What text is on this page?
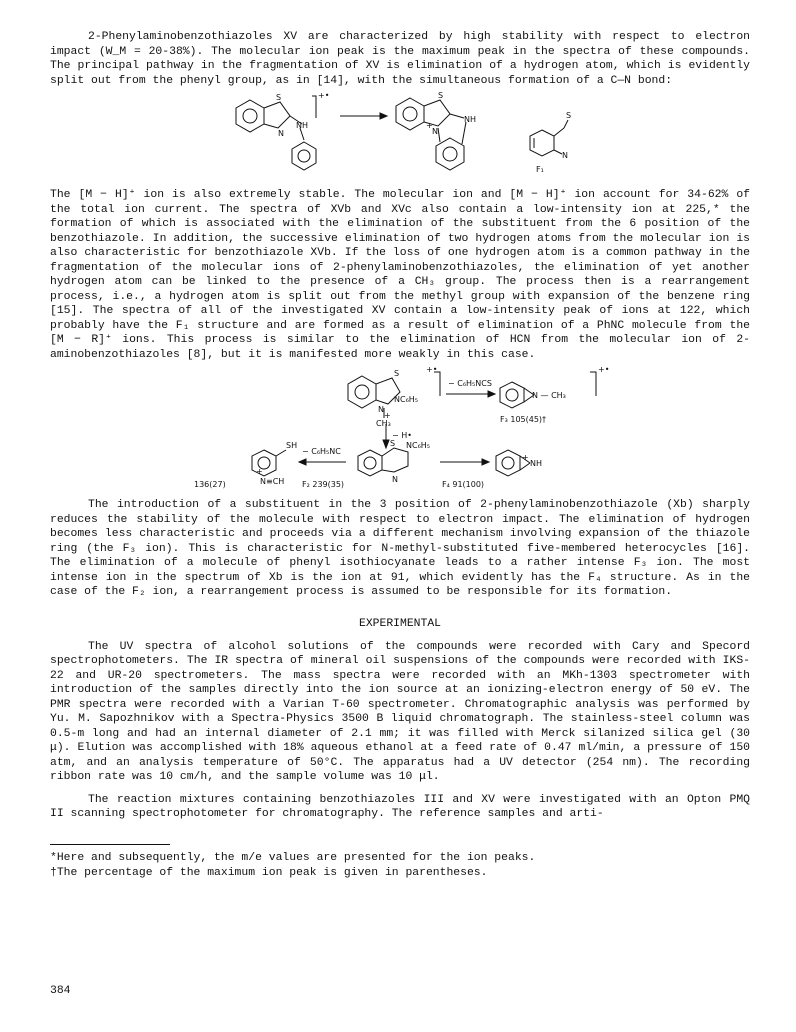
2-Phenylaminobenzothiazoles XV are characterized by high stability with respect to electron impact (W_M = 20-38%). The molecular ion peak is the maximum peak in the spectra of these compounds. The principal pathway in the fragmentation of XV is elimination of a hydrogen atom, which is evidently split out from the phenyl group, as in [14], with the simultaneous formation of a C—N bond:

S
N
NH
+•	S
N
+
NH	S
N
F₁

The [M − H]⁺ ion is also extremely stable. The molecular ion and [M − H]⁺ ion account for 34-62% of the total ion current. The spectra of XVb and XVc also contain a low-intensity ion at 225,* the formation of which is associated with the elimination of the substituent from the 6 position of the benzothiazole. In addition, the successive elimination of two hydrogen atoms from the molecular ion is also characteristic for benzothiazole XVb. If the loss of one hydrogen atom is a common pathway in the fragmentation of the molecular ions of 2-phenylaminobenzothiazoles, the elimination of yet another hydrogen atom can be linked to the presence of a CH₃ group. The process then is a rearrangement process, i.e., a hydrogen atom is split out from the methyl group with expansion of the benzene ring [15]. The spectra of all of the investigated XV contain a low-intensity peak of ions at 122, which probably have the F₁ structure and are formed as a result of elimination of a PhNC molecule from the [M − R]⁺ ions. This process is similar to the elimination of HCN from the molecular ion of 2-aminobenzothiazoles [8], but it is manifested more weakly in this case.

+•
− C₆H₅NCS
S
N
NC₆H₅
CH₃
N — CH₃
+•
F₃ 105(45)†
− H•
SH
− C₆H₅NC
N≡CH
S NC₆H₅
N
NH
+
+
+
136(27)	F₂ 239(35)	F₄ 91(100)

The introduction of a substituent in the 3 position of 2-phenylaminobenzothiazole (Xb) sharply reduces the stability of the molecule with respect to electron impact. The elimination of hydrogen becomes less characteristic and proceeds via a different mechanism involving expansion of the thiazole ring (the F₃ ion). This is characteristic for N-methyl-substituted five-membered heterocycles [16]. The elimination of a molecule of phenyl isothiocyanate leads to a rather intense F₃ ion. The most intense ion in the spectrum of Xb is the ion at 91, which evidently has the F₄ structure. As in the case of the F₂ ion, a rearrangement process is assumed to be responsible for its formation.

EXPERIMENTAL

The UV spectra of alcohol solutions of the compounds were recorded with Cary and Specord spectrophotometers. The IR spectra of mineral oil suspensions of the compounds were recorded with IKS-22 and UR-20 spectrometers. The mass spectra were recorded with an MKh-1303 spectrometer with introduction of the samples directly into the ion source at an ionizing-electron energy of 50 eV. The PMR spectra were recorded with a Varian T-60 spectrometer. Chromatographic analysis was performed by Yu. M. Sapozhnikov with a Spectra-Physics 3500 B liquid chromatograph. The stainless-steel column was 0.5-m long and had an internal diameter of 2.1 mm; it was filled with Merck silanized silica gel (30 μ). Elution was accomplished with 18% aqueous ethanol at a feed rate of 0.47 ml/min, a pressure of 150 atm, and an analysis temperature of 50°C. The apparatus had a UV detector (254 nm). The recording ribbon rate was 10 cm/h, and the sample volume was 10 μl.

The reaction mixtures containing benzothiazoles III and XV were investigated with an Opton PMQ II scanning spectrophotometer for chromatography. The reference samples and arti-

*Here and subsequently, the m/e values are presented for the ion peaks.
†The percentage of the maximum ion peak is given in parentheses.
384
